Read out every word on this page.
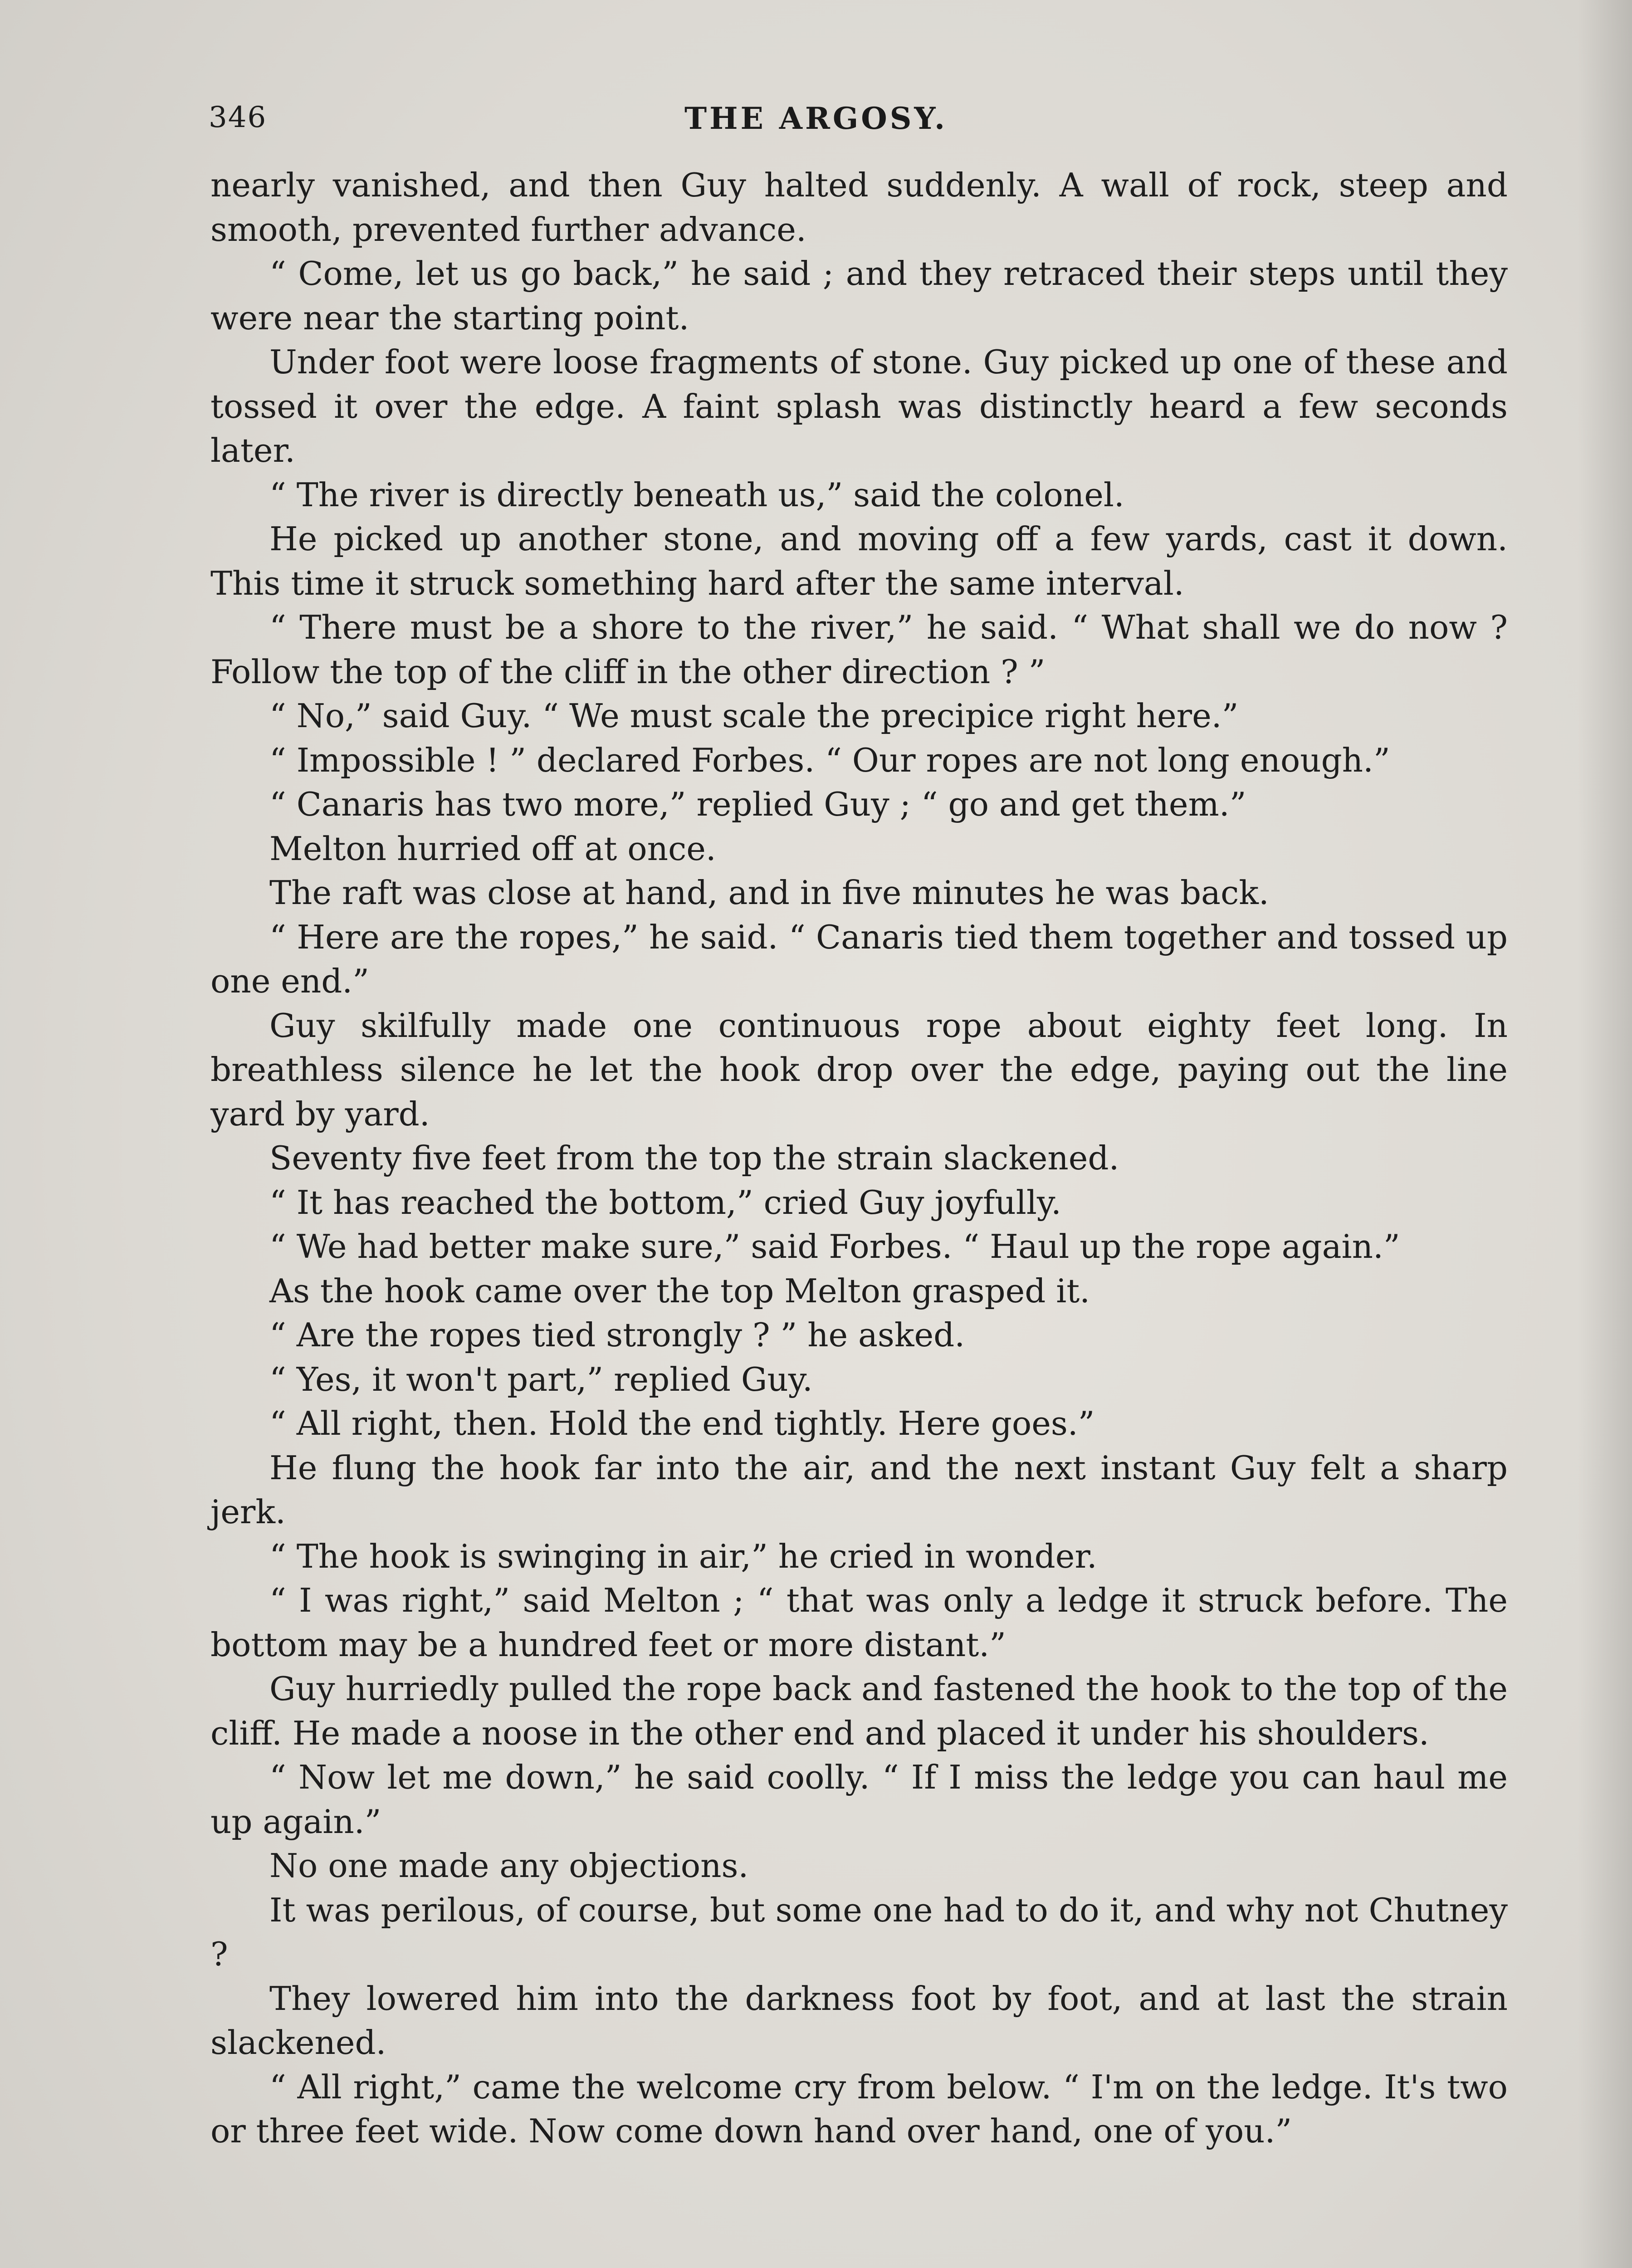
346	THE ARGOSY.

nearly vanished, and then Guy halted suddenly. A wall of rock, steep and smooth, prevented further advance.

“ Come, let us go back,” he said ; and they retraced their steps until they were near the starting point.

Under foot were loose fragments of stone. Guy picked up one of these and tossed it over the edge. A faint splash was distinctly heard a few seconds later.

“ The river is directly beneath us,” said the colonel.

He picked up another stone, and moving off a few yards, cast it down. This time it struck something hard after the same interval.

“ There must be a shore to the river,” he said. “ What shall we do now ? Follow the top of the cliff in the other direction ? ”

“ No,” said Guy. “ We must scale the precipice right here.”

“ Impossible ! ” declared Forbes. “ Our ropes are not long enough.”

“ Canaris has two more,” replied Guy ; “ go and get them.”

Melton hurried off at once.

The raft was close at hand, and in five minutes he was back.

“ Here are the ropes,” he said. “ Canaris tied them together and tossed up one end.”

Guy skilfully made one continuous rope about eighty feet long. In breathless silence he let the hook drop over the edge, paying out the line yard by yard.

Seventy five feet from the top the strain slackened.

“ It has reached the bottom,” cried Guy joyfully.

“ We had better make sure,” said Forbes. “ Haul up the rope again.”

As the hook came over the top Melton grasped it.

“ Are the ropes tied strongly ? ” he asked.

“ Yes, it won't part,” replied Guy.

“ All right, then. Hold the end tightly. Here goes.”

He flung the hook far into the air, and the next instant Guy felt a sharp jerk.

“ The hook is swinging in air,” he cried in wonder.

“ I was right,” said Melton ; “ that was only a ledge it struck before. The bottom may be a hundred feet or more distant.”

Guy hurriedly pulled the rope back and fastened the hook to the top of the cliff. He made a noose in the other end and placed it under his shoulders.

“ Now let me down,” he said coolly. “ If I miss the ledge you can haul me up again.”

No one made any objections.

It was perilous, of course, but some one had to do it, and why not Chutney ?

They lowered him into the darkness foot by foot, and at last the strain slackened.

“ All right,” came the welcome cry from below. “ I'm on the ledge. It's two or three feet wide. Now come down hand over hand, one of you.”
